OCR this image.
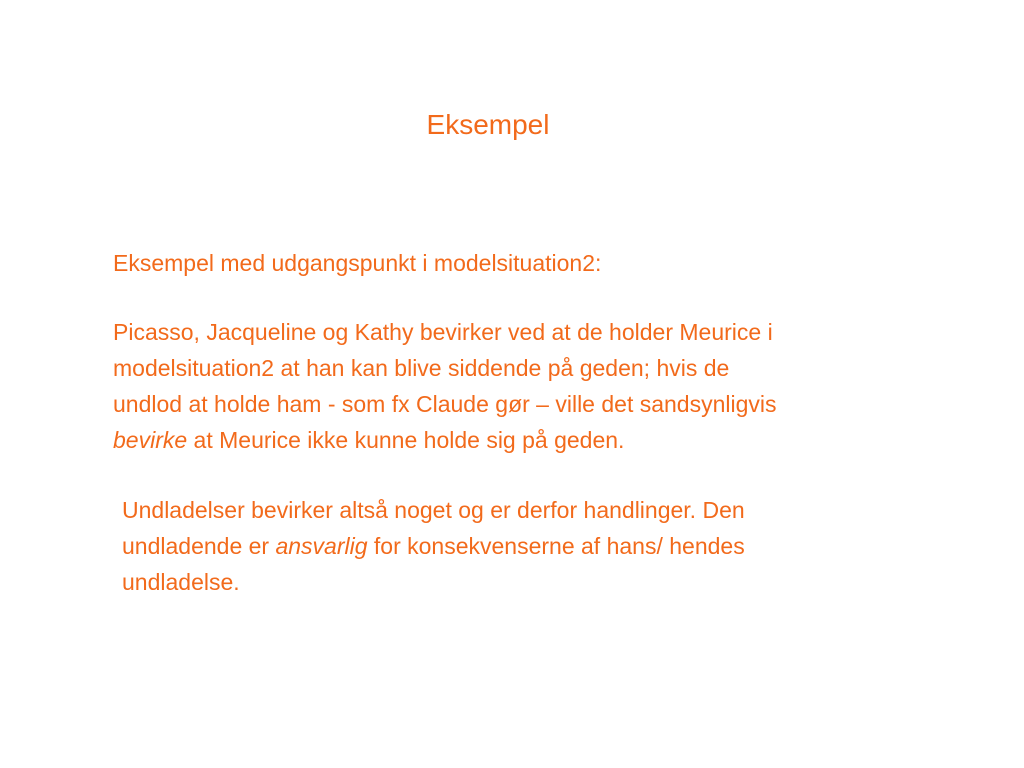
Eksempel
Eksempel med udgangspunkt i modelsituation2:
Picasso, Jacqueline og Kathy bevirker ved at de holder Meurice i
modelsituation2 at han kan blive siddende på geden; hvis de
undlod at holde ham - som fx Claude gør – ville det sandsynligvis
bevirke at Meurice ikke kunne holde sig på geden.
Undladelser bevirker altså noget og er derfor handlinger. Den
undladende er ansvarlig for konsekvenserne af hans/ hendes
undladelse.
